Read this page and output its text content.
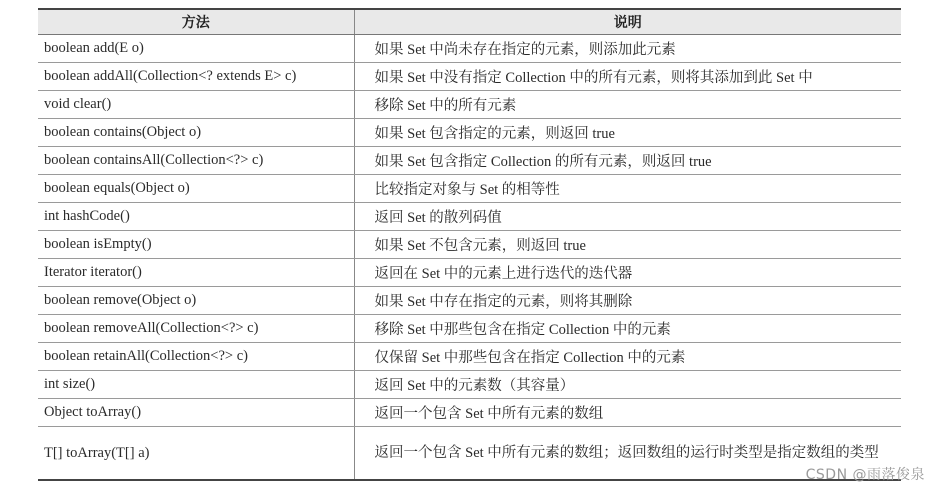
方法	说明
boolean add(E o)	如果 Set 中尚未存在指定的元素，则添加此元素
boolean addAll(Collection<? extends E> c)	如果 Set 中没有指定 Collection 中的所有元素，则将其添加到此 Set 中
void clear()	移除 Set 中的所有元素
boolean contains(Object o)	如果 Set 包含指定的元素，则返回 true
boolean containsAll(Collection<?> c)	如果 Set 包含指定 Collection 的所有元素，则返回 true
boolean equals(Object o)	比较指定对象与 Set 的相等性
int hashCode()	返回 Set 的散列码值
boolean isEmpty()	如果 Set 不包含元素，则返回 true
Iterator iterator()	返回在 Set 中的元素上进行迭代的迭代器
boolean remove(Object o)	如果 Set 中存在指定的元素，则将其删除
boolean removeAll(Collection<?> c)	移除 Set 中那些包含在指定 Collection 中的元素
boolean retainAll(Collection<?> c)	仅保留 Set 中那些包含在指定 Collection 中的元素
int size()	返回 Set 中的元素数（其容量）
Object toArray()	返回一个包含 Set 中所有元素的数组
T[] toArray(T[] a)	返回一个包含 Set 中所有元素的数组；返回数组的运行时类型是指定数组的类型
CSDN @雨落俊泉
